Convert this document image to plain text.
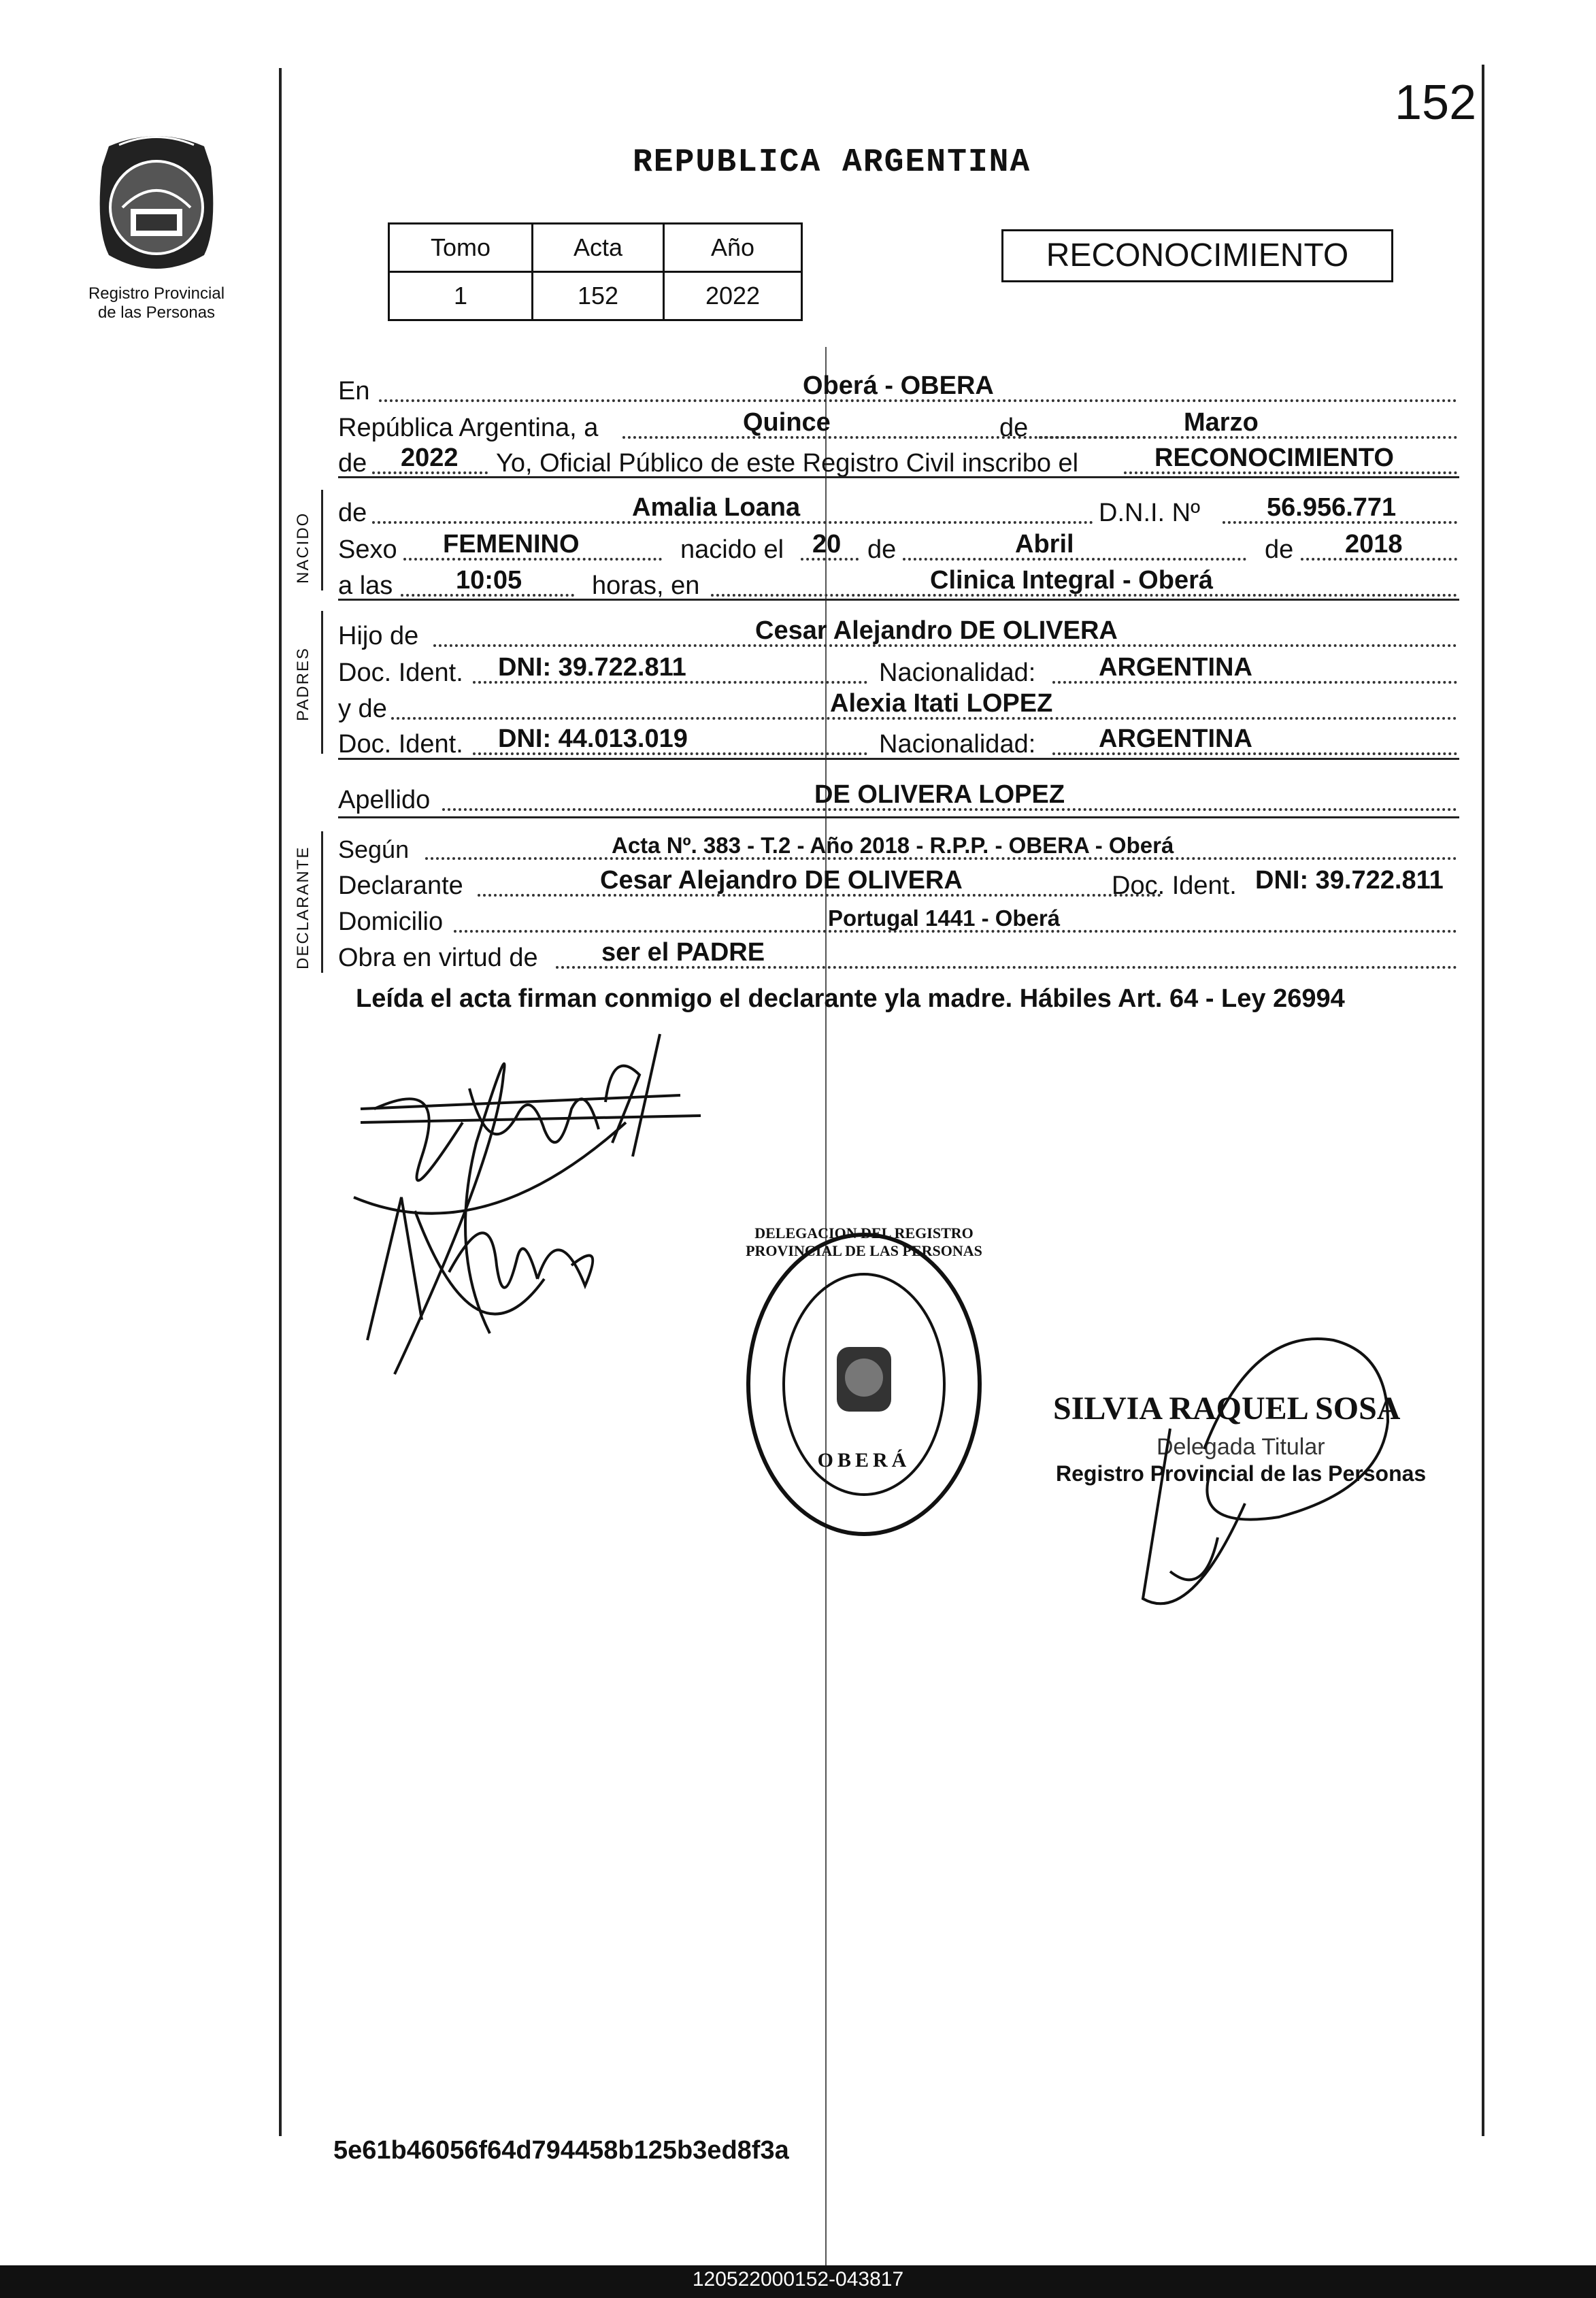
Registro Provincial
de las Personas
152
REPUBLICA ARGENTINA
Tomo	Acta	Año
1	152	2022
RECONOCIMIENTO
En	Oberá - OBERA
República Argentina, a	Quince	de	Marzo
de 2022 Yo, Oficial Público de este Registro Civil inscribo el	RECONOCIMIENTO
NACIDO de	Amalia Loana	D.N.I. Nº	56.956.771
Sexo FEMENINO	nacido el 20 de	Abril	de 2018
a las 10:05	horas, en	Clinica Integral - Oberá
PADRES
Hijo de	Cesar Alejandro DE OLIVERA
Doc. Ident. DNI: 39.722.811	Nacionalidad: ARGENTINA
y de	Alexia Itati LOPEZ
Doc. Ident. DNI: 44.013.019	Nacionalidad: ARGENTINA
Apellido	DE OLIVERA LOPEZ
DECLARANTE Según	Acta Nº. 383 - T.2 - Año 2018 - R.P.P. - OBERA - Oberá
Declarante	Cesar Alejandro DE OLIVERA	Doc. Ident. DNI: 39.722.811
Domicilio	Portugal 1441 - Oberá
Obra en virtud de ser el PADRE
Leída el acta firman conmigo el declarante yla madre. Hábiles Art. 64 - Ley 26994
DELEGACION DEL REGISTRO PROVINCIAL DE LAS PERSONAS
OBERÁ
SILVIA RAQUEL SOSA
Delegada Titular
Registro Provincial de las Personas
5e61b46056f64d794458b125b3ed8f3a
120522000152-043817
